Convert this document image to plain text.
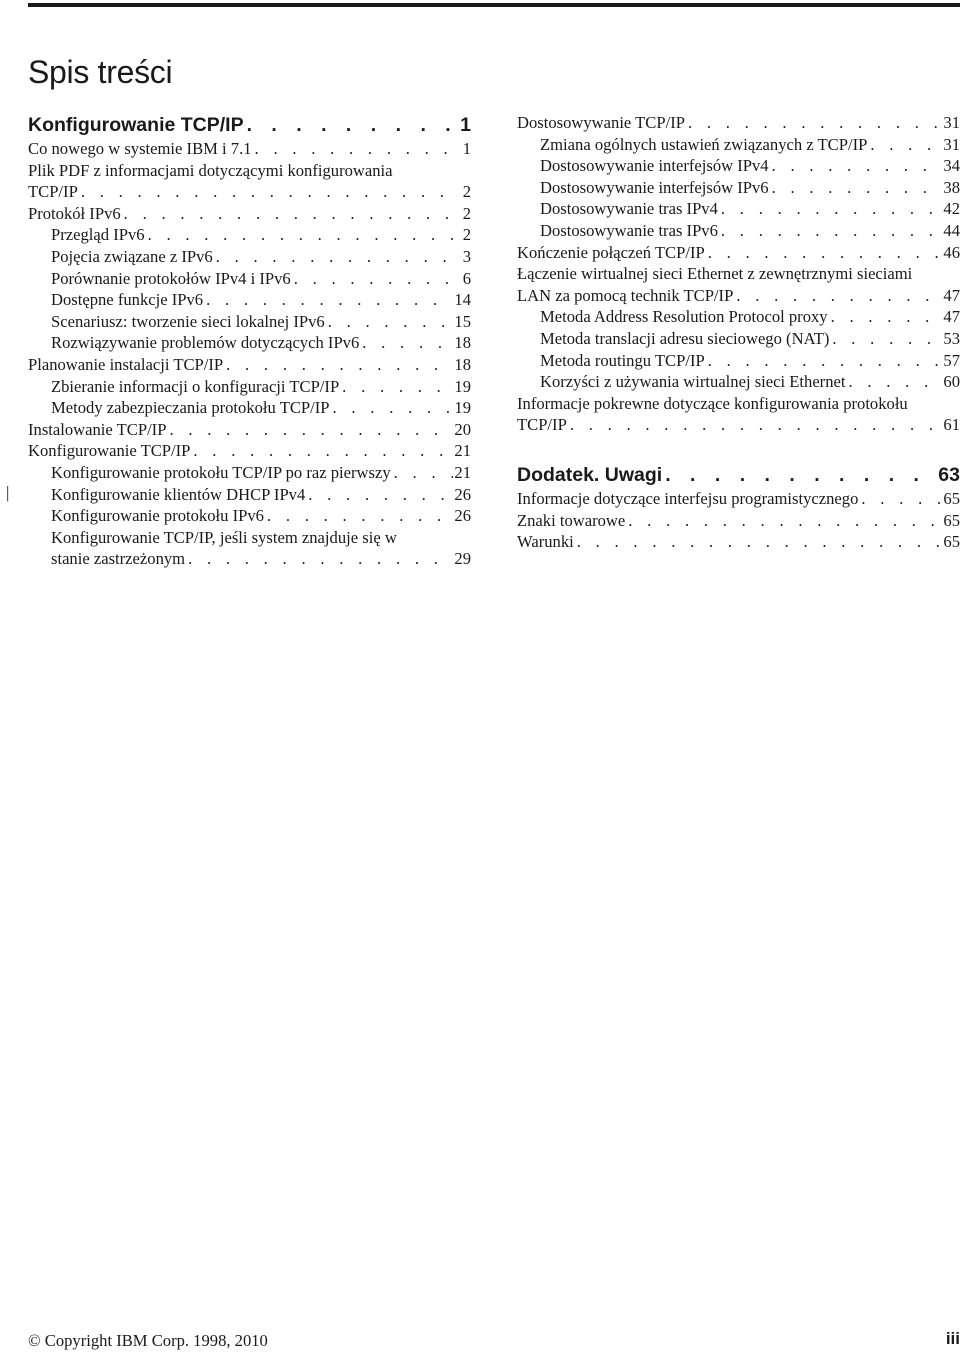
Spis treści
Konfigurowanie TCP/IP . . .	1
Co nowego w systemie IBM i 7.1 . . .	1
Plik PDF z informacjami dotyczącymi konfigurowania
TCP/IP . . .	2
Protokół IPv6 . . .	2
Przegląd IPv6 . . .	2
Pojęcia związane z IPv6 . . .	3
Porównanie protokołów IPv4 i IPv6 . . .	6
Dostępne funkcje IPv6 . . .	14
Scenariusz: tworzenie sieci lokalnej IPv6 . . .	15
Rozwiązywanie problemów dotyczących IPv6 . . .	18
Planowanie instalacji TCP/IP . . .	18
Zbieranie informacji o konfiguracji TCP/IP . . .	19
Metody zabezpieczania protokołu TCP/IP . . .	19
Instalowanie TCP/IP . . .	20
Konfigurowanie TCP/IP . . .	21
Konfigurowanie protokołu TCP/IP po raz pierwszy . . .	21
Konfigurowanie klientów DHCP IPv4 . . .	26
Konfigurowanie protokołu IPv6 . . .	26
Konfigurowanie TCP/IP, jeśli system znajduje się w
stanie zastrzeżonym . . .	29
Dostosowywanie TCP/IP . . .	31
Zmiana ogólnych ustawień związanych z TCP/IP . . .	31
Dostosowywanie interfejsów IPv4 . . .	34
Dostosowywanie interfejsów IPv6 . . .	38
Dostosowywanie tras IPv4 . . .	42
Dostosowywanie tras IPv6 . . .	44
Kończenie połączeń TCP/IP . . .	46
Łączenie wirtualnej sieci Ethernet z zewnętrznymi sieciami
LAN za pomocą technik TCP/IP . . .	47
Metoda Address Resolution Protocol proxy . . .	47
Metoda translacji adresu sieciowego (NAT) . . .	53
Metoda routingu TCP/IP . . .	57
Korzyści z używania wirtualnej sieci Ethernet . . .	60
Informacje pokrewne dotyczące konfigurowania protokołu
TCP/IP . . .	61
Dodatek. Uwagi . . .	63
Informacje dotyczące interfejsu programistycznego . . .	65
Znaki towarowe . . .	65
Warunki . . .	65
|
© Copyright IBM Corp. 1998, 2010	iii
